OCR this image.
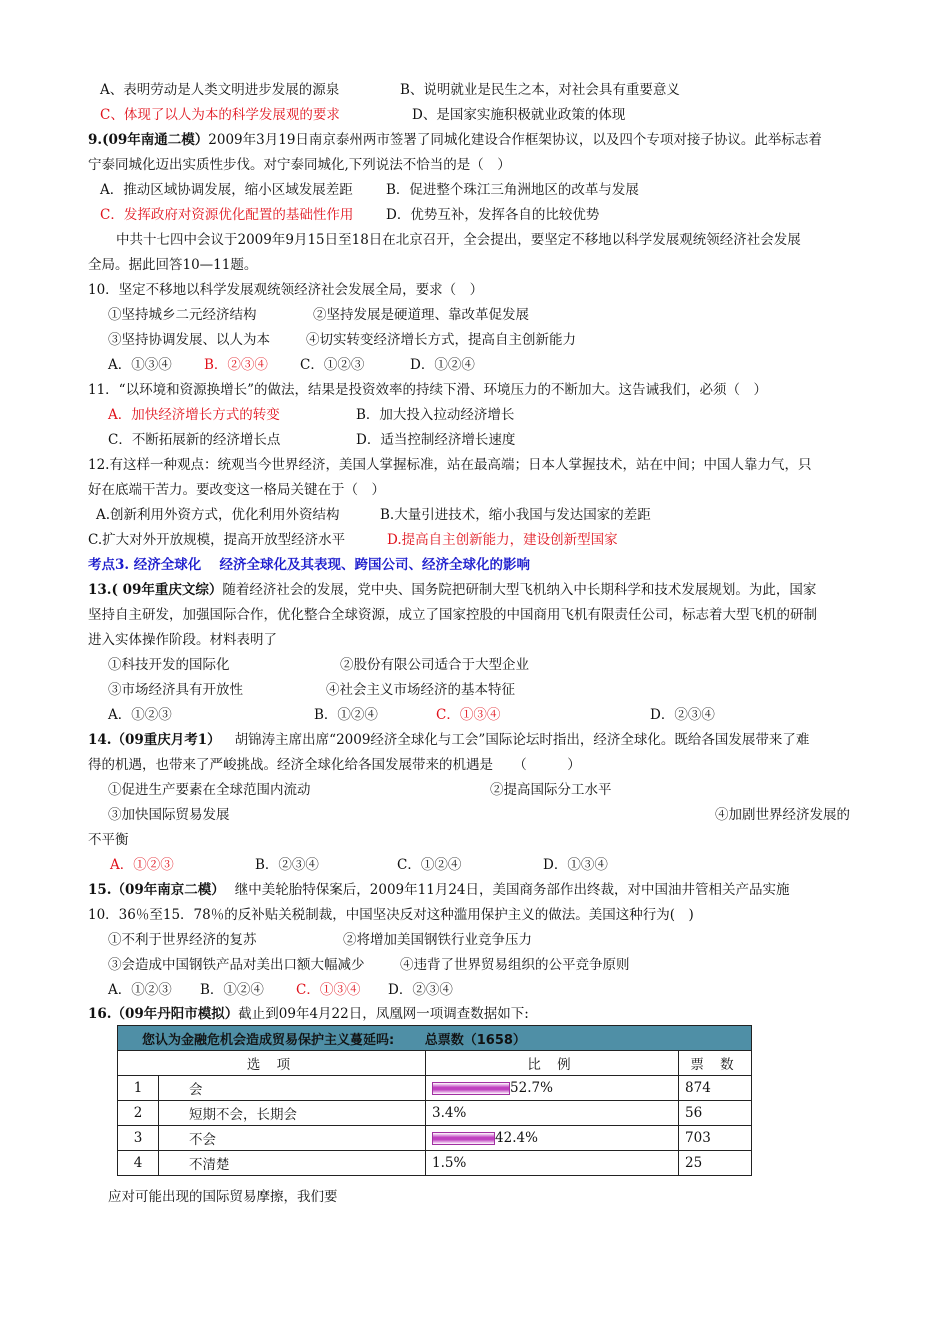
A、表明劳动是人类文明进步发展的源泉	B、说明就业是民生之本，对社会具有重要意义
C、体现了以人为本的科学发展观的要求	D、是国家实施积极就业政策的体现
9.(09年南通二模）2009年3月19日南京泰州两市签署了同城化建设合作框架协议，以及四个专项对接子协议。此举标志着
宁泰同城化迈出实质性步伐。对宁泰同城化,下列说法不恰当的是（　）
A．推动区域协调发展，缩小区域发展差距 B．促进整个珠江三角洲地区的改革与发展
C．发挥政府对资源优化配置的基础性作用 D．优势互补，发挥各自的比较优势
中共十七四中会议于2009年9月15日至18日在北京召开，全会提出，要坚定不移地以科学发展观统领经济社会发展
全局。据此回答10—11题。
10．坚定不移地以科学发展观统领经济社会发展全局，要求（　）
①坚持城乡二元经济结构	②坚持发展是硬道理、靠改革促发展
③坚持协调发展、以人为本	④切实转变经济增长方式，提高自主创新能力
A．①③④ B．②③④ C．①②③	D．①②④
11．“以环境和资源换增长”的做法，结果是投资效率的持续下滑、环境压力的不断加大。这告诫我们，必须（　）
A．加快经济增长方式的转变	B．加大投入拉动经济增长
C．不断拓展新的经济增长点	D．适当控制经济增长速度
12.有这样一种观点：统观当今世界经济，美国人掌握标准，站在最高端；日本人掌握技术，站在中间；中国人靠力气，只
好在底端干苦力。要改变这一格局关键在于（　）
A.创新利用外资方式，优化利用外资结构	B.大量引进技术，缩小我国与发达国家的差距
C.扩大对外开放规模，提高开放型经济水平	D.提高自主创新能力，建设创新型国家
考点3. 经济全球化　 经济全球化及其表现、跨国公司、经济全球化的影响
13.( 09年重庆文综）随着经济社会的发展，党中央、国务院把研制大型飞机纳入中长期科学和技术发展规划。为此，国家
坚持自主研发，加强国际合作，优化整合全球资源，成立了国家控股的中国商用飞机有限责任公司，标志着大型飞机的研制
进入实体操作阶段。材料表明了
①科技开发的国际化	②股份有限公司适合于大型企业
③市场经济具有开放性	④社会主义市场经济的基本特征
A．①②③	B．①②④	C．①③④	D．②③④
14.（09重庆月考1） 胡锦涛主席出席“2009经济全球化与工会”国际论坛时指出，经济全球化。既给各国发展带来了难
得的机遇，也带来了严峻挑战。经济全球化给各国发展带来的机遇是　　（　　　）
①促进生产要素在全球范围内流动	②提高国际分工水平
③加快国际贸易发展	④加剧世界经济发展的
不平衡
A．①②③	B．②③④	C．①②④	D．①③④
15.（09年南京二模） 继中美轮胎特保案后，2009年11月24日，美国商务部作出终裁，对中国油井管相关产品实施
10．36％至15．78％的反补贴关税制裁，中国坚决反对这种滥用保护主义的做法。美国这种行为(　)
①不利于世界经济的复苏	②将增加美国钢铁行业竞争压力
③会造成中国钢铁产品对美出口额大幅减少	④违背了世界贸易组织的公平竞争原则
A．①②③ B．①②④ C．①③④ D．②③④
16.（09年丹阳市模拟）截止到09年4月22日，凤凰网一项调查数据如下:
您认为金融危机会造成贸易保护主义蔓延吗: 总票数（1658）			
选 项		比 例	票 数
1	会	52.7%	874
2	短期不会，长期会	3.4%	56
3	不会	42.4%	703
4	不清楚	1.5%	25
应对可能出现的国际贸易摩擦，我们要
